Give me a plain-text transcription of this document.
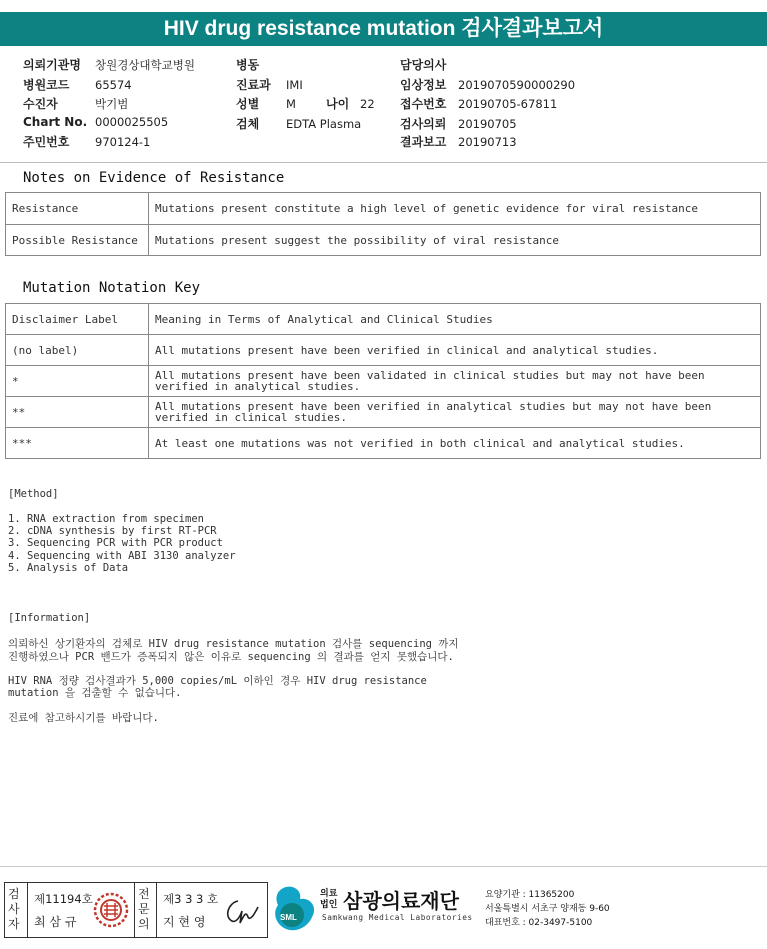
HIV drug resistance mutation 검사결과보고서
의뢰기관명 창원경상대학교병원
병원코드 65574
수진자	박기범
Chart No. 0000025505
주민번호 970124-1
병동
진료과 IMI
성별 M	나이 22
검체 EDTA Plasma
담당의사
임상정보 2019070590000290
접수번호 20190705-67811
검사의뢰 20190705
결과보고 20190713
Notes on Evidence of Resistance
Resistance	Mutations present constitute a high level of genetic evidence for viral resistance
Possible Resistance	Mutations present suggest the possibility of viral resistance
Mutation Notation Key
Disclaimer Label	Meaning in Terms of Analytical and Clinical Studies
(no label)	All mutations present have been verified in clinical and analytical studies.
*	All mutations present have been validated in clinical studies but may not have been verified in analytical studies.
**	All mutations present have been verified in analytical studies but may not have been verified in clinical studies.
***	At least one mutations was not verified in both clinical and analytical studies.
[Method]
1. RNA extraction from specimen
2. cDNA synthesis by first RT-PCR
3. Sequencing PCR with PCR product
4. Sequencing with ABI 3130 analyzer
5. Analysis of Data
[Information]
의뢰하신 상기환자의 검체로 HIV drug resistance mutation 검사를 sequencing 까지
진행하였으나 PCR 밴드가 증폭되지 않은 이유로 sequencing 의 결과를 얻지 못했습니다.
HIV RNA 정량 검사결과가 5,000 copies/mL 이하인 경우 HIV drug resistance
mutation 을 검출할 수 없습니다.
진료에 참고하시기를 바랍니다.
검사자
제11194호
최 삼 규
전문의
제3 3 3 호
지 현 영	SML
의료법인 삼광의료재단
Samkwang Medical Laboratories
요양기관 : 11365200
서울특별시 서초구 양재동 9-60
대표번호 : 02-3497-5100
